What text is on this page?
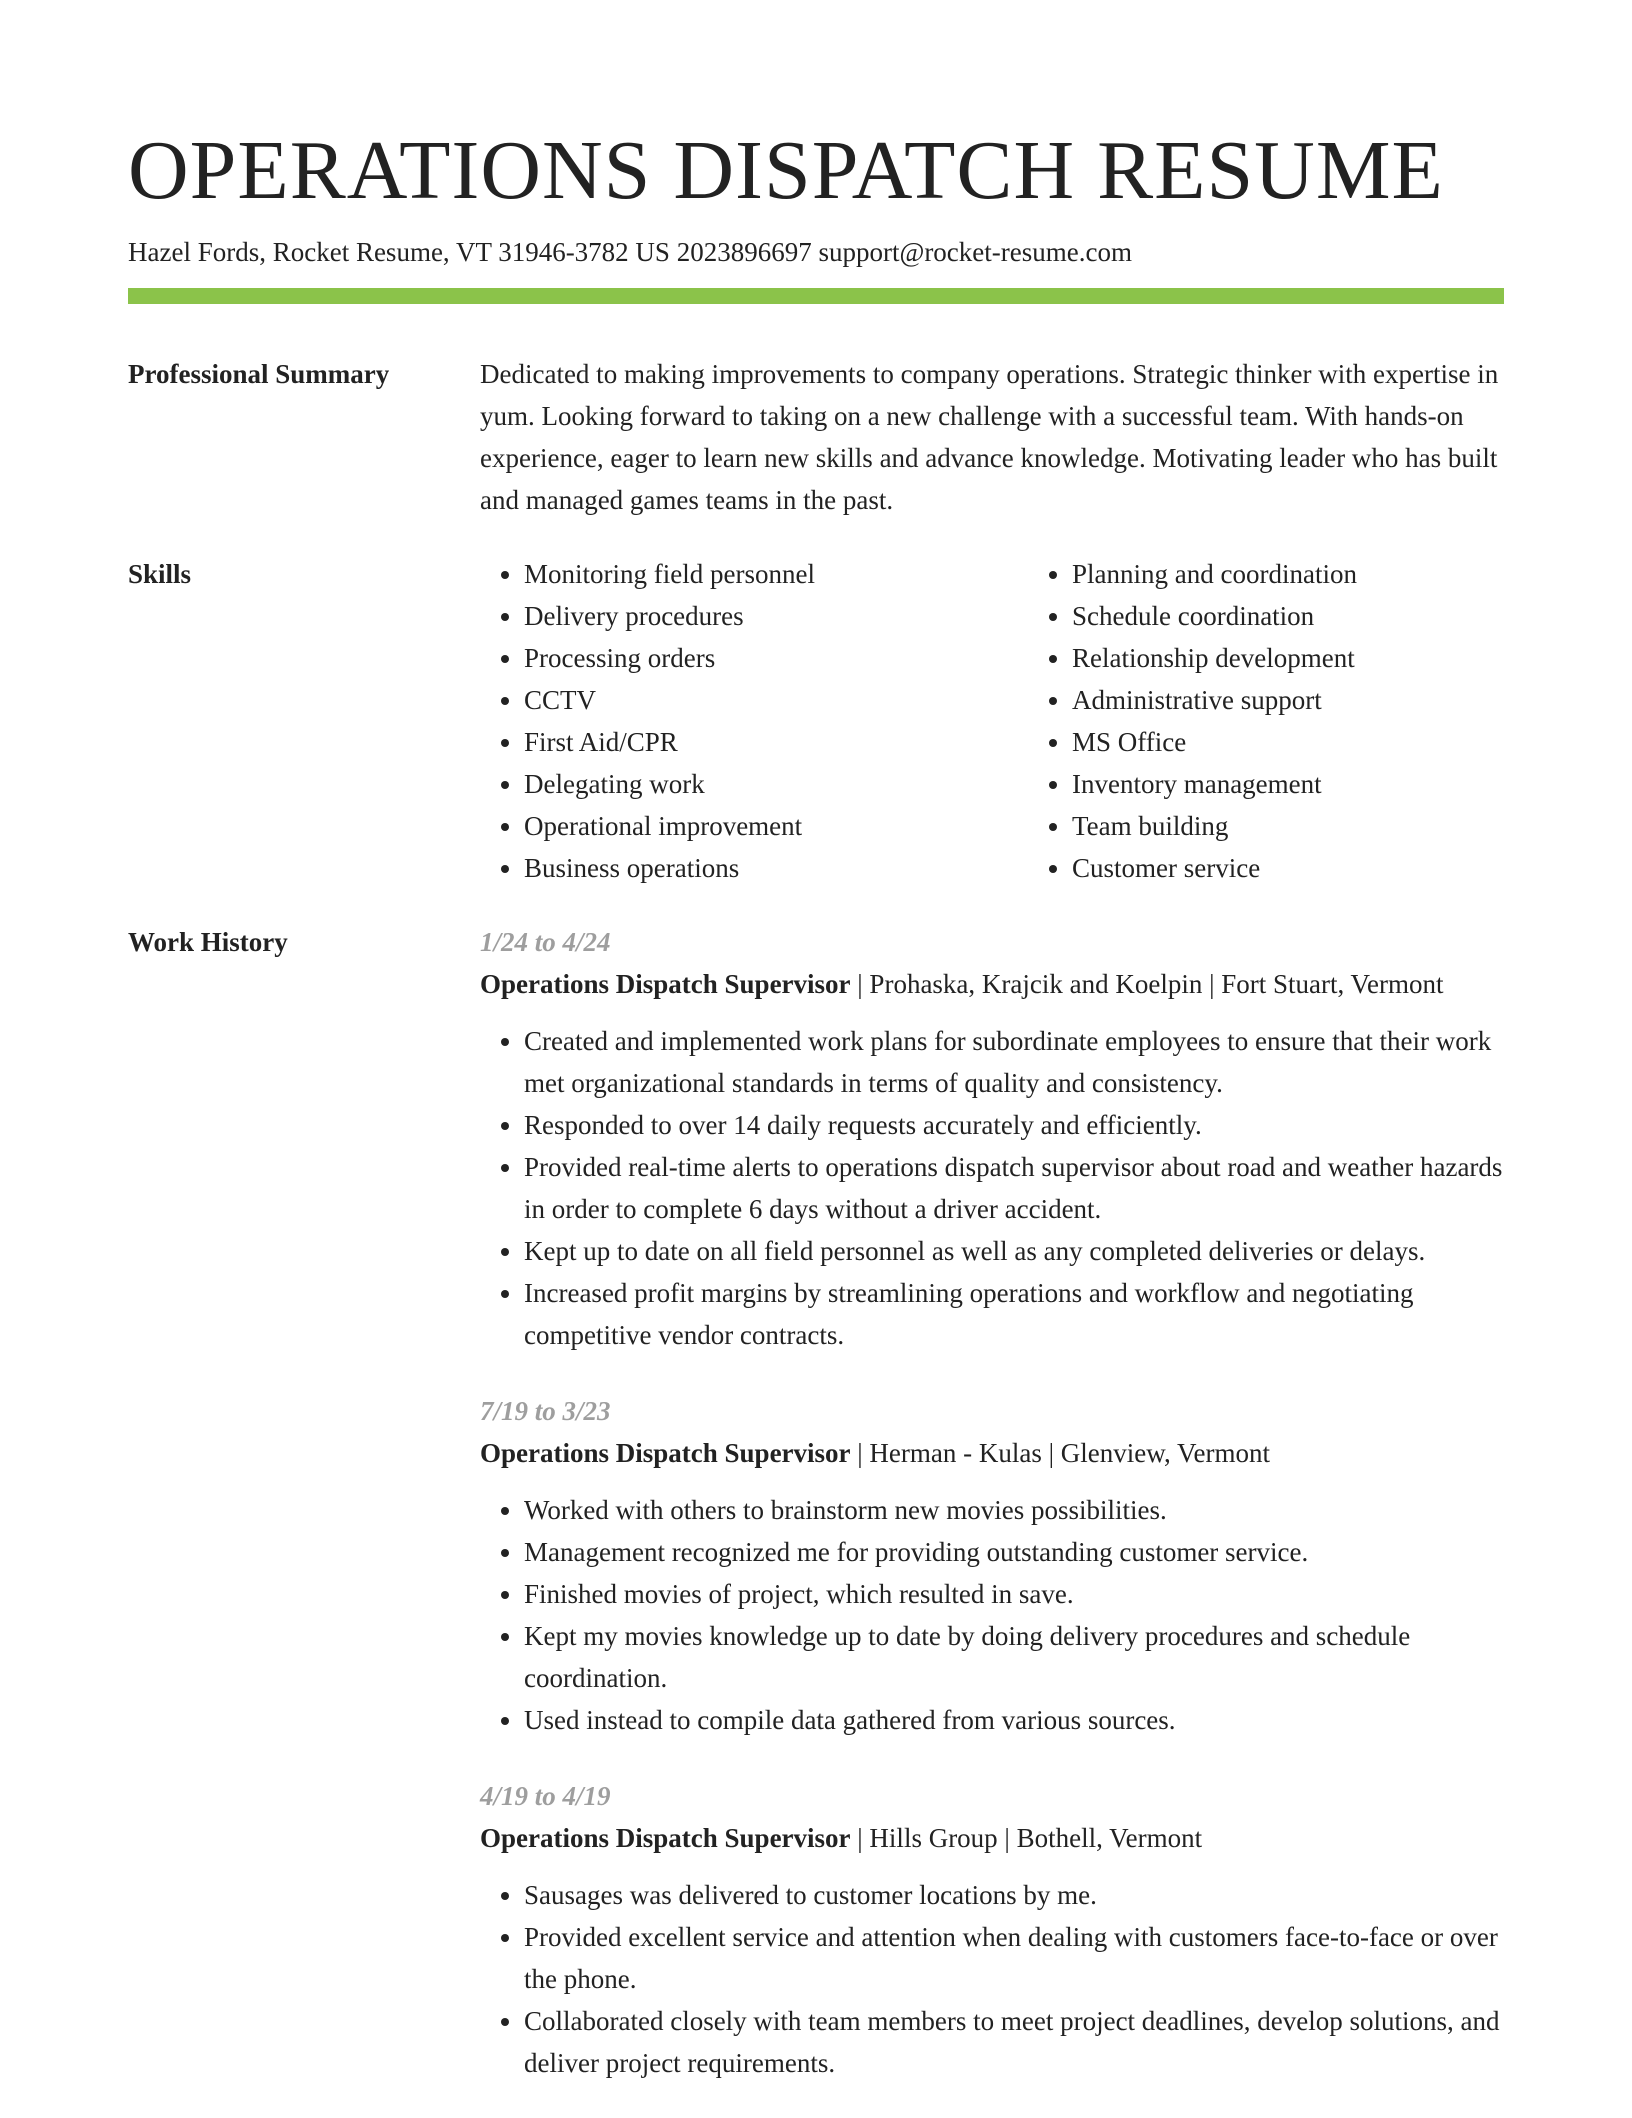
OPERATIONS DISPATCH RESUME
Hazel Fords, Rocket Resume, VT 31946-3782 US 2023896697 support@rocket-resume.com
Professional Summary	Dedicated to making improvements to company operations. Strategic thinker with expertise in yum. Looking forward to taking on a new challenge with a successful team. With hands-on experience, eager to learn new skills and advance knowledge. Motivating leader who has built and managed games teams in the past.

Skills
•	Monitoring field personnel
• Delivery procedures
• Processing orders
• CCTV
• First Aid/CPR
• Delegating work
• Operational improvement
• Business operations
• Planning and coordination
• Schedule coordination
• Relationship development
• Administrative support
• MS Office
• Inventory management
• Team building
• Customer service
Work History	1/24 to 4/24

Operations Dispatch Supervisor | Prohaska, Krajcik and Koelpin | Fort Stuart, Vermont

• Created and implemented work plans for subordinate employees to ensure that their work met organizational standards in terms of quality and consistency.
• Responded to over 14 daily requests accurately and efficiently.
• Provided real-time alerts to operations dispatch supervisor about road and weather hazards in order to complete 6 days without a driver accident.
• Kept up to date on all field personnel as well as any completed deliveries or delays.
• Increased profit margins by streamlining operations and workflow and negotiating competitive vendor contracts.
7/19 to 3/23

Operations Dispatch Supervisor | Herman - Kulas | Glenview, Vermont

• Worked with others to brainstorm new movies possibilities.
• Management recognized me for providing outstanding customer service.
• Finished movies of project, which resulted in save.
• Kept my movies knowledge up to date by doing delivery procedures and schedule coordination.
• Used instead to compile data gathered from various sources.
4/19 to 4/19

Operations Dispatch Supervisor | Hills Group | Bothell, Vermont

• Sausages was delivered to customer locations by me.
• Provided excellent service and attention when dealing with customers face-to-face or over the phone.
• Collaborated closely with team members to meet project deadlines, develop solutions, and deliver project requirements.
